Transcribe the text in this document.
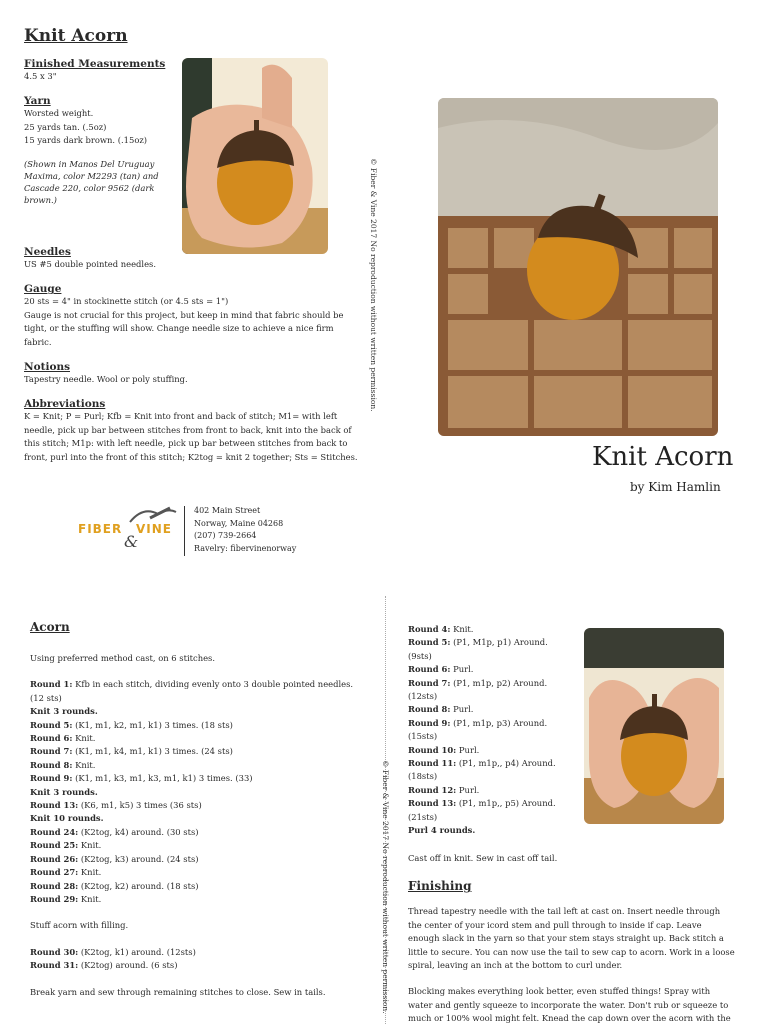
Knit Acorn
Finished Measurements
4.5 x 3"
Yarn
Worsted weight.
25 yards tan. (.5oz)
15 yards dark brown. (.15oz)
(Shown in Manos Del Uruguay
Maxima, color M2293 (tan) and
Cascade 220, color 9562 (dark
brown.)
Needles
US #5 double pointed needles.
Gauge
20 sts = 4" in stockinette stitch (or 4.5 sts = 1")
Gauge is not crucial for this project, but keep in mind that fabric should be
tight, or the stuffing will show. Change needle size to achieve a nice firm
fabric.
Notions
Tapestry needle. Wool or poly stuffing.
Abbreviations
K = Knit; P = Purl; Kfb = Knit into front and back of stitch; M1= with left
needle, pick up bar between stitches from front to back, knit into the back of
this stitch; M1p: with left needle, pick up bar between stitches from back to
front, purl into the front of this stitch; K2tog = knit 2 together; Sts = Stitches.
© Fiber & Vine 2017 No reproduction without written permission.
Knit Acorn
by Kim Hamlin
FIBER VINE
&
402 Main Street
Norway, Maine 04268
(207) 739-2664
Ravelry: fibervinenorway
Acorn
Using preferred method cast, on 6 stitches.
Round 1: Kfb in each stitch, dividing evenly onto 3 double pointed needles.
(12 sts)
Knit 3 rounds.
Round 5: (K1, m1, k2, m1, k1) 3 times. (18 sts)
Round 6: Knit.
Round 7: (K1, m1, k4, m1, k1) 3 times. (24 sts)
Round 8: Knit.
Round 9: (K1, m1, k3, m1, k3, m1, k1) 3 times. (33)
Knit 3 rounds.
Round 13: (K6, m1, k5) 3 times (36 sts)
Knit 10 rounds.
Round 24: (K2tog, k4) around. (30 sts)
Round 25: Knit.
Round 26: (K2tog, k3) around. (24 sts)
Round 27: Knit.
Round 28: (K2tog, k2) around. (18 sts)
Round 29: Knit.
Stuff acorn with filling.
Round 30: (K2tog, k1) around. (12sts)
Round 31: (K2tog) around. (6 sts)
Break yarn and sew through remaining stitches to close. Sew in tails.	© Fiber & Vine 2017 No reproduction without written permission.
Round 4: Knit.
Round 5: (P1, M1p, p1) Around.
(9sts)
Round 6: Purl.
Round 7: (P1, m1p, p2) Around.
(12sts)
Round 8: Purl.
Round 9: (P1, m1p, p3) Around.
(15sts)
Round 10: Purl.
Round 11: (P1, m1p,, p4) Around.
(18sts)
Round 12: Purl.
Round 13: (P1, m1p,, p5) Around.
(21sts)
Purl 4 rounds.
Cast off in knit. Sew in cast off tail.
Finishing
Thread tapestry needle with the tail left at cast on. Insert needle through
the center of your icord stem and pull through to inside if cap. Leave
enough slack in the yarn so that your stem stays straight up. Back stitch a
little to secure. You can now use the tail to sew cap to acorn. Work in a loose
spiral, leaving an inch at the bottom to curl under.
Blocking makes everything look better, even stuffed things! Spray with
water and gently squeeze to incorporate the water. Don't rub or squeeze to
much or 100% wool might felt. Knead the cap down over the acorn with the
